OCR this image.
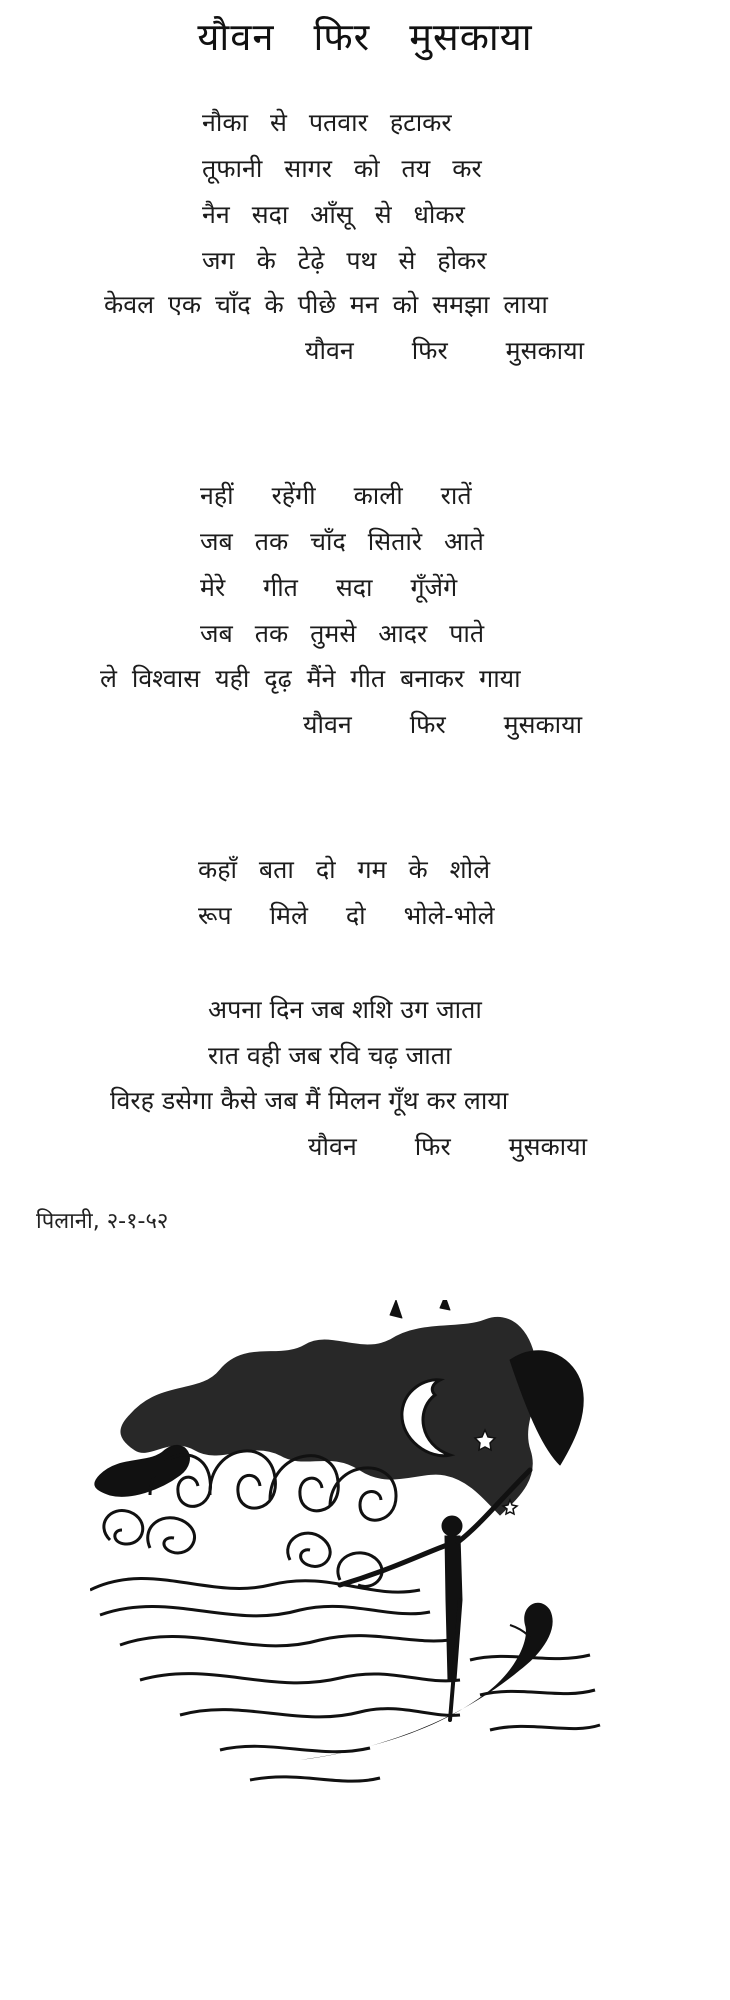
यौवन फिर मुसकाया
नौका से पतवार हटाकर
तूफानी सागर को तय कर
नैन सदा आँसू से धोकर
जग के टेढ़े पथ से होकर
केवल एक चाँद के पीछे मन को समझा लाया
यौवन फिर मुसकाया
नहीं रहेंगी काली रातें
जब तक चाँद सितारे आते
मेरे गीत सदा गूँजेंगे
जब तक तुमसे आदर पाते
ले विश्वास यही दृढ़ मैंने गीत बनाकर गाया
यौवन फिर मुसकाया
कहाँ बता दो गम के शोले
रूप मिले दो भोले-भोले
अपना दिन जब शशि उग जाता
रात वही जब रवि चढ़ जाता
विरह डसेगा कैसे जब मैं मिलन गूँथ कर लाया
यौवन फिर मुसकाया
पिलानी, २-१-५२
